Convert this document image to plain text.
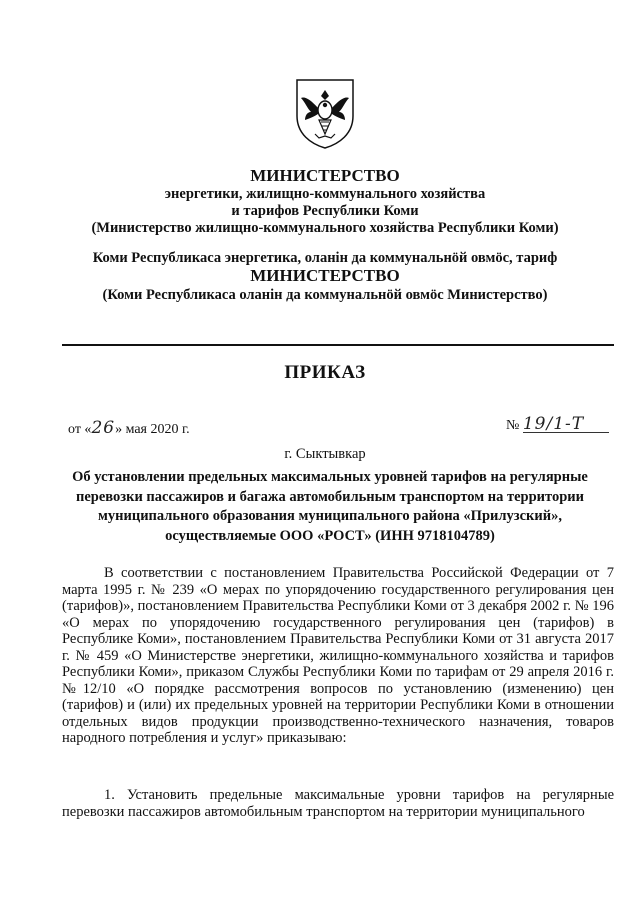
МИНИСТЕРСТВО
энергетики, жилищно-коммунального хозяйства
и тарифов Республики Коми
(Министерство жилищно-коммунального хозяйства Республики Коми)
Коми Республикаса энергетика, оланiн да коммунальнöй овмöс, тариф
МИНИСТЕРСТВО
(Коми Республикаса оланiн да коммунальнöй овмöс Министерство)
ПРИКАЗ
от «26» мая 2020 г.	№ 19/1-Т
г. Сыктывкар
Об установлении предельных максимальных уровней тарифов на регулярные перевозки пассажиров и багажа автомобильным транспортом на территории муниципального образования муниципального района «Прилузский», осуществляемые ООО «РОСТ» (ИНН 9718104789)
В соответствии с постановлением Правительства Российской Федерации от 7 марта 1995 г. № 239 «О мерах по упорядочению государственного регулирования цен (тарифов)», постановлением Правительства Республики Коми от 3 декабря 2002 г. № 196 «О мерах по упорядочению государственного регулирования цен (тарифов) в Республике Коми», постановлением Правительства Республики Коми от 31 августа 2017 г. № 459 «О Министерстве энергетики, жилищно-коммунального хозяйства и тарифов Республики Коми», приказом Службы Республики Коми по тарифам от 29 апреля 2016 г. №12/10 «О порядке рассмотрения вопросов по установлению (изменению) цен (тарифов) и (или) их предельных уровней на территории Республики Коми в отношении отдельных видов продукции производственно-технического назначения, товаров народного потребления и услуг» приказываю:
1. Установить предельные максимальные уровни тарифов на регулярные перевозки пассажиров автомобильным транспортом на территории муниципального
